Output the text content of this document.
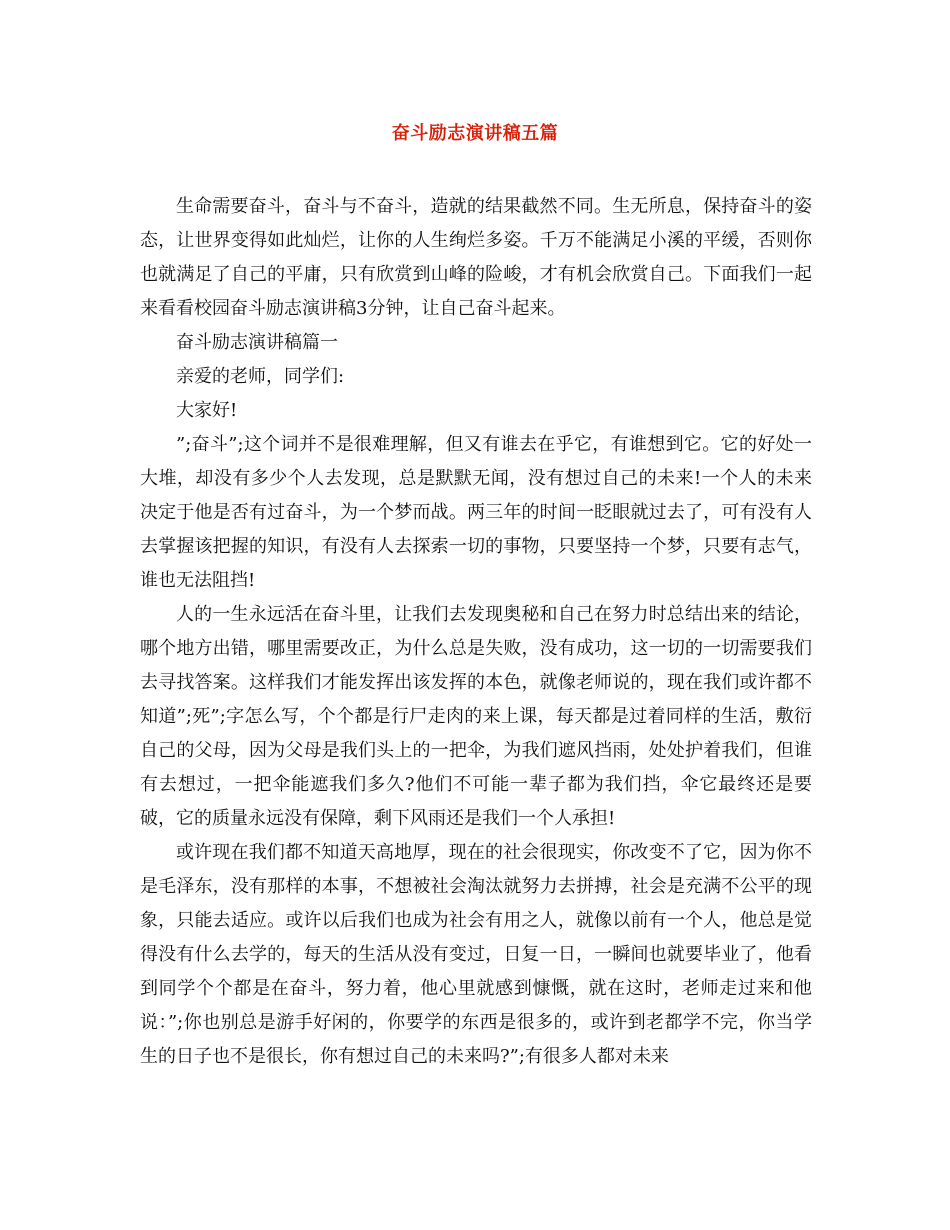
奋斗励志演讲稿五篇

生命需要奋斗，奋斗与不奋斗，造就的结果截然不同。生无所息，保持奋斗的姿态，让世界变得如此灿烂，让你的人生绚烂多姿。千万不能满足小溪的平缓，否则你也就满足了自己的平庸，只有欣赏到山峰的险峻，才有机会欣赏自己。下面我们一起来看看校园奋斗励志演讲稿3分钟，让自己奋斗起来。

奋斗励志演讲稿篇一

亲爱的老师，同学们:

大家好!

”;奋斗”;这个词并不是很难理解，但又有谁去在乎它，有谁想到它。它的好处一大堆，却没有多少个人去发现，总是默默无闻，没有想过自己的未来!一个人的未来决定于他是否有过奋斗，为一个梦而战。两三年的时间一眨眼就过去了，可有没有人去掌握该把握的知识，有没有人去探索一切的事物，只要坚持一个梦，只要有志气，谁也无法阻挡!

人的一生永远活在奋斗里，让我们去发现奥秘和自己在努力时总结出来的结论，哪个地方出错，哪里需要改正，为什么总是失败，没有成功，这一切的一切需要我们去寻找答案。这样我们才能发挥出该发挥的本色，就像老师说的，现在我们或许都不知道”;死”;字怎么写，个个都是行尸走肉的来上课，每天都是过着同样的生活，敷衍自己的父母，因为父母是我们头上的一把伞，为我们遮风挡雨，处处护着我们，但谁有去想过，一把伞能遮我们多久?他们不可能一辈子都为我们挡，伞它最终还是要破，它的质量永远没有保障，剩下风雨还是我们一个人承担!

或许现在我们都不知道天高地厚，现在的社会很现实，你改变不了它，因为你不是毛泽东，没有那样的本事，不想被社会淘汰就努力去拼搏，社会是充满不公平的现象，只能去适应。或许以后我们也成为社会有用之人，就像以前有一个人，他总是觉得没有什么去学的，每天的生活从没有变过，日复一日，一瞬间也就要毕业了，他看到同学个个都是在奋斗，努力着，他心里就感到慷慨，就在这时，老师走过来和他说：”;你也别总是游手好闲的，你要学的东西是很多的，或许到老都学不完，你当学生的日子也不是很长，你有想过自己的未来吗?”;有很多人都对未来
